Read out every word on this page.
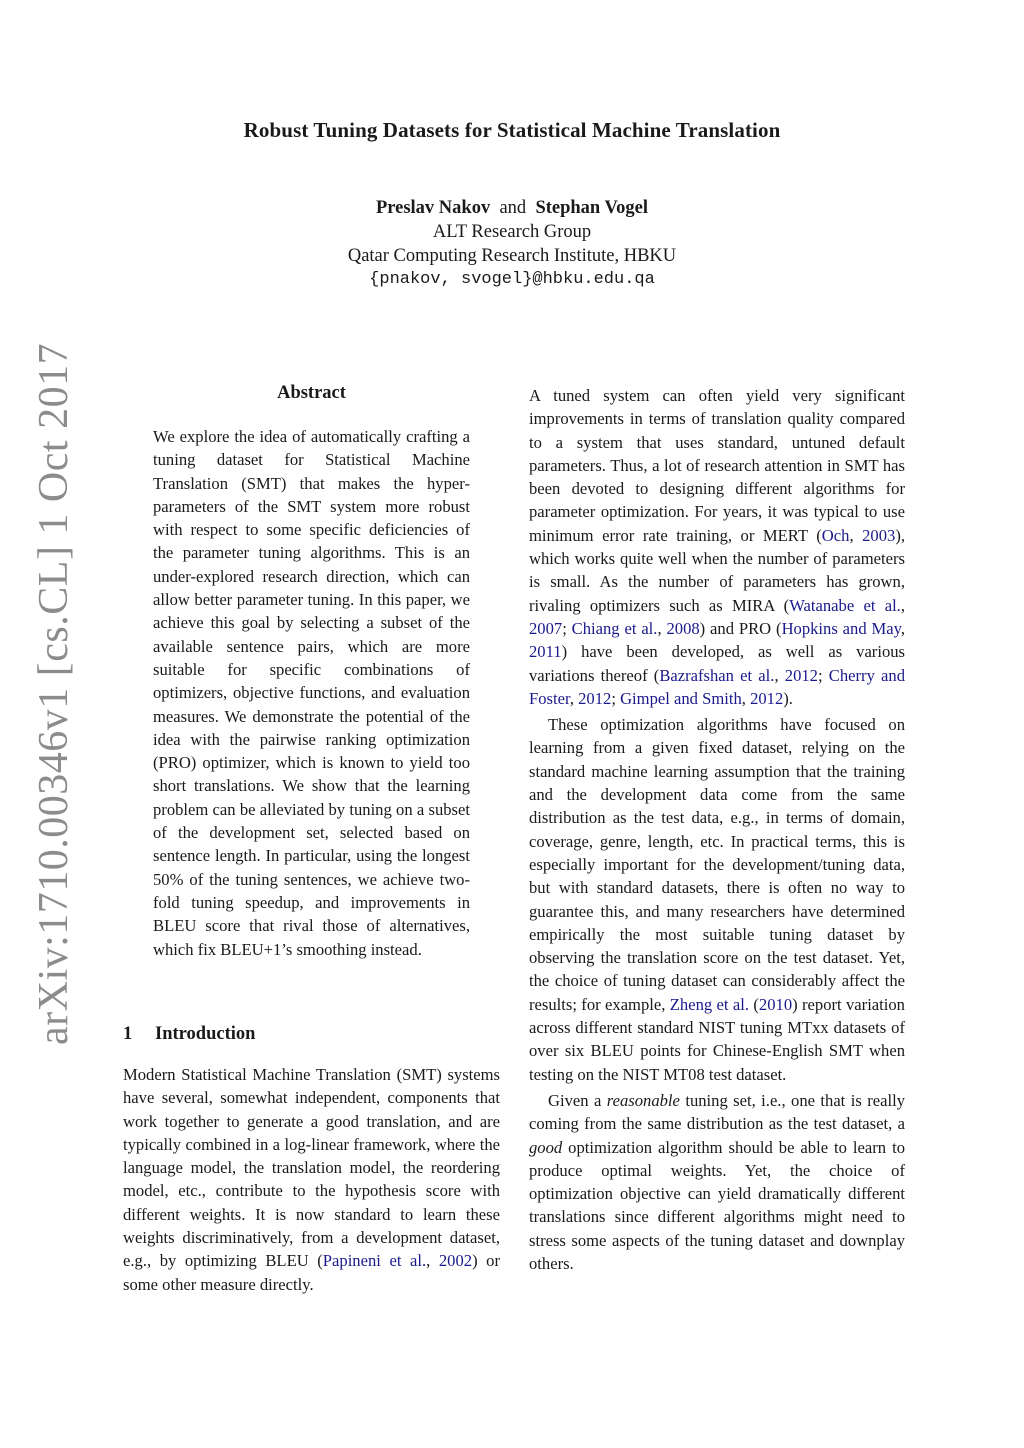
arXiv:1710.00346v1 [cs.CL] 1 Oct 2017
Robust Tuning Datasets for Statistical Machine Translation
Preslav Nakov and Stephan Vogel
ALT Research Group
Qatar Computing Research Institute, HBKU
{pnakov, svogel}@hbku.edu.qa
Abstract

We explore the idea of automatically crafting a tuning dataset for Statistical Machine Translation (SMT) that makes the hyper-parameters of the SMT system more robust with respect to some specific deficiencies of the parameter tuning algorithms. This is an under-explored research direction, which can allow better parameter tuning. In this paper, we achieve this goal by selecting a subset of the available sentence pairs, which are more suitable for specific combinations of optimizers, objective functions, and evaluation measures. We demonstrate the potential of the idea with the pairwise ranking optimization (PRO) optimizer, which is known to yield too short translations. We show that the learning problem can be alleviated by tuning on a subset of the development set, selected based on sentence length. In particular, using the longest 50% of the tuning sentences, we achieve two-fold tuning speedup, and improvements in BLEU score that rival those of alternatives, which fix BLEU+1’s smoothing instead.

1 Introduction

Modern Statistical Machine Translation (SMT) systems have several, somewhat independent, components that work together to generate a good translation, and are typically combined in a log-linear framework, where the language model, the translation model, the reordering model, etc., contribute to the hypothesis score with different weights. It is now standard to learn these weights discriminatively, from a development dataset, e.g., by optimizing BLEU (Papineni et al., 2002) or some other measure directly.

A tuned system can often yield very significant improvements in terms of translation quality compared to a system that uses standard, untuned default parameters. Thus, a lot of research attention in SMT has been devoted to designing different algorithms for parameter optimization. For years, it was typical to use minimum error rate training, or MERT (Och, 2003), which works quite well when the number of parameters is small. As the number of parameters has grown, rivaling optimizers such as MIRA (Watanabe et al., 2007; Chiang et al., 2008) and PRO (Hopkins and May, 2011) have been developed, as well as various variations thereof (Bazrafshan et al., 2012; Cherry and Foster, 2012; Gimpel and Smith, 2012).

These optimization algorithms have focused on learning from a given fixed dataset, relying on the standard machine learning assumption that the training and the development data come from the same distribution as the test data, e.g., in terms of domain, coverage, genre, length, etc. In practical terms, this is especially important for the development/tuning data, but with standard datasets, there is often no way to guarantee this, and many researchers have determined empirically the most suitable tuning dataset by observing the translation score on the test dataset. Yet, the choice of tuning dataset can considerably affect the results; for example, Zheng et al. (2010) report variation across different standard NIST tuning MTxx datasets of over six BLEU points for Chinese-English SMT when testing on the NIST MT08 test dataset.

Given a reasonable tuning set, i.e., one that is really coming from the same distribution as the test dataset, a good optimization algorithm should be able to learn to produce optimal weights. Yet, the choice of optimization objective can yield dramatically different translations since different algorithms might need to stress some aspects of the tuning dataset and downplay others.
